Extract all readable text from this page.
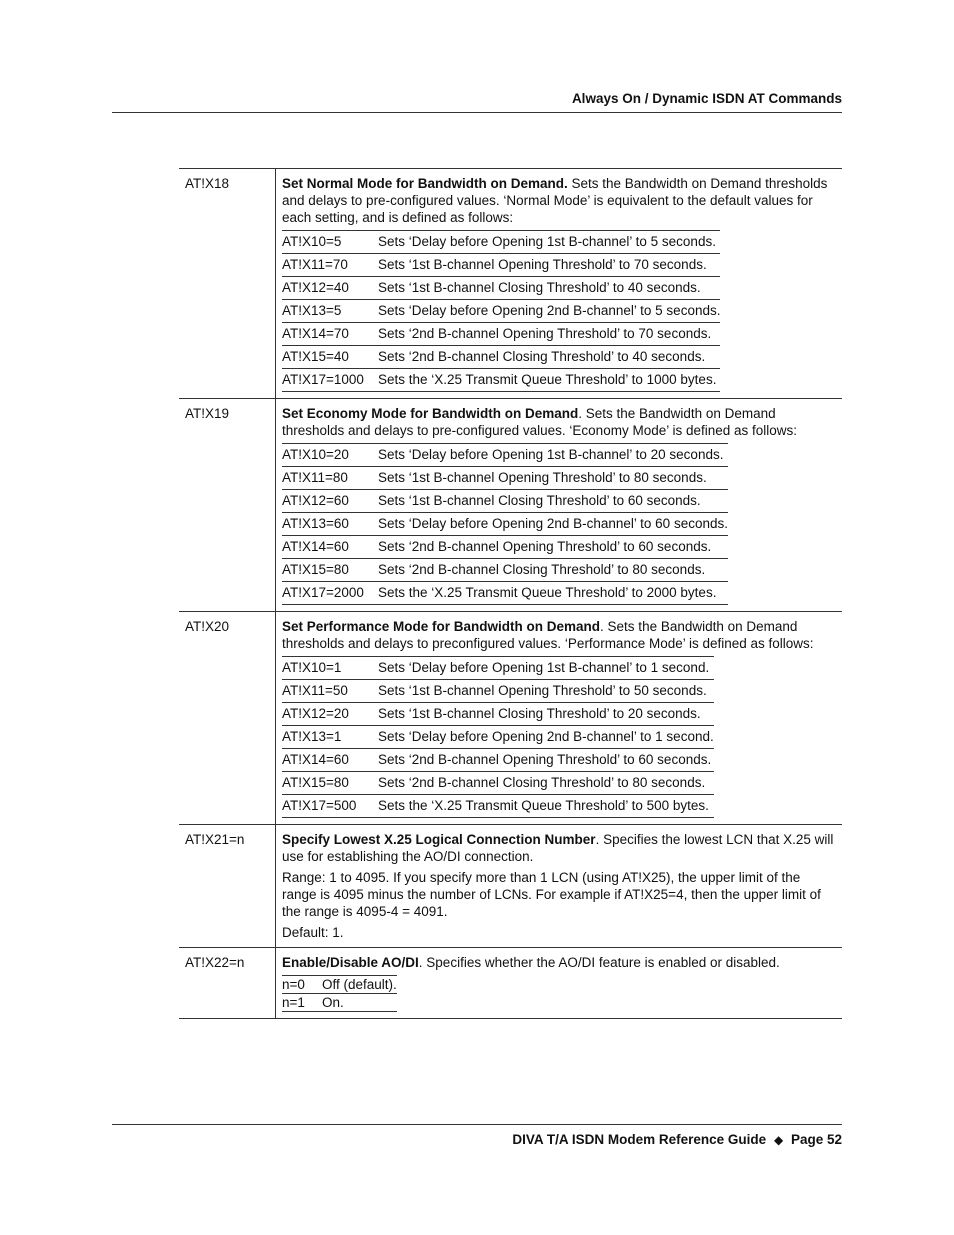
Always On / Dynamic ISDN AT Commands
AT!X18	Set Normal Mode for Bandwidth on Demand. Sets the Bandwidth on Demand thresholds and delays to pre-configured values. ‘Normal Mode’ is equivalent to the default values for each setting, and is defined as follows:

AT!X10=5	Sets ‘Delay before Opening 1st B-channel’ to 5 seconds.
AT!X11=70	Sets ‘1st B-channel Opening Threshold’ to 70 seconds.
AT!X12=40	Sets ‘1st B-channel Closing Threshold’ to 40 seconds.
AT!X13=5	Sets ‘Delay before Opening 2nd B-channel’ to 5 seconds.
AT!X14=70	Sets ‘2nd B-channel Opening Threshold’ to 70 seconds.
AT!X15=40	Sets ‘2nd B-channel Closing Threshold’ to 40 seconds.
AT!X17=1000	Sets the ‘X.25 Transmit Queue Threshold’ to 1000 bytes.

AT!X19	Set Economy Mode for Bandwidth on Demand. Sets the Bandwidth on Demand thresholds and delays to pre-configured values. ‘Economy Mode’ is defined as follows:

AT!X10=20	Sets ‘Delay before Opening 1st B-channel’ to 20 seconds.
AT!X11=80	Sets ‘1st B-channel Opening Threshold’ to 80 seconds.
AT!X12=60	Sets ‘1st B-channel Closing Threshold’ to 60 seconds.
AT!X13=60	Sets ‘Delay before Opening 2nd B-channel’ to 60 seconds.
AT!X14=60	Sets ‘2nd B-channel Opening Threshold’ to 60 seconds.
AT!X15=80	Sets ‘2nd B-channel Closing Threshold’ to 80 seconds.
AT!X17=2000	Sets the ‘X.25 Transmit Queue Threshold’ to 2000 bytes.

AT!X20	Set Performance Mode for Bandwidth on Demand. Sets the Bandwidth on Demand thresholds and delays to preconfigured values. ‘Performance Mode’ is defined as follows:

AT!X10=1	Sets ‘Delay before Opening 1st B-channel’ to 1 second.
AT!X11=50	Sets ‘1st B-channel Opening Threshold’ to 50 seconds.
AT!X12=20	Sets ‘1st B-channel Closing Threshold’ to 20 seconds.
AT!X13=1	Sets ‘Delay before Opening 2nd B-channel’ to 1 second.
AT!X14=60	Sets ‘2nd B-channel Opening Threshold’ to 60 seconds.
AT!X15=80	Sets ‘2nd B-channel Closing Threshold’ to 80 seconds.
AT!X17=500	Sets the ‘X.25 Transmit Queue Threshold’ to 500 bytes.

AT!X21=n	Specify Lowest X.25 Logical Connection Number. Specifies the lowest LCN that X.25 will use for establishing the AO/DI connection.

Range: 1 to 4095. If you specify more than 1 LCN (using AT!X25), the upper limit of the range is 4095 minus the number of LCNs. For example if AT!X25=4, then the upper limit of the range is 4095-4 = 4091.

Default: 1.

AT!X22=n	Enable/Disable AO/DI. Specifies whether the AO/DI feature is enabled or disabled.

n=0	Off (default).
n=1	On.
DIVA T/A ISDN Modem Reference Guide ◆ Page 52
